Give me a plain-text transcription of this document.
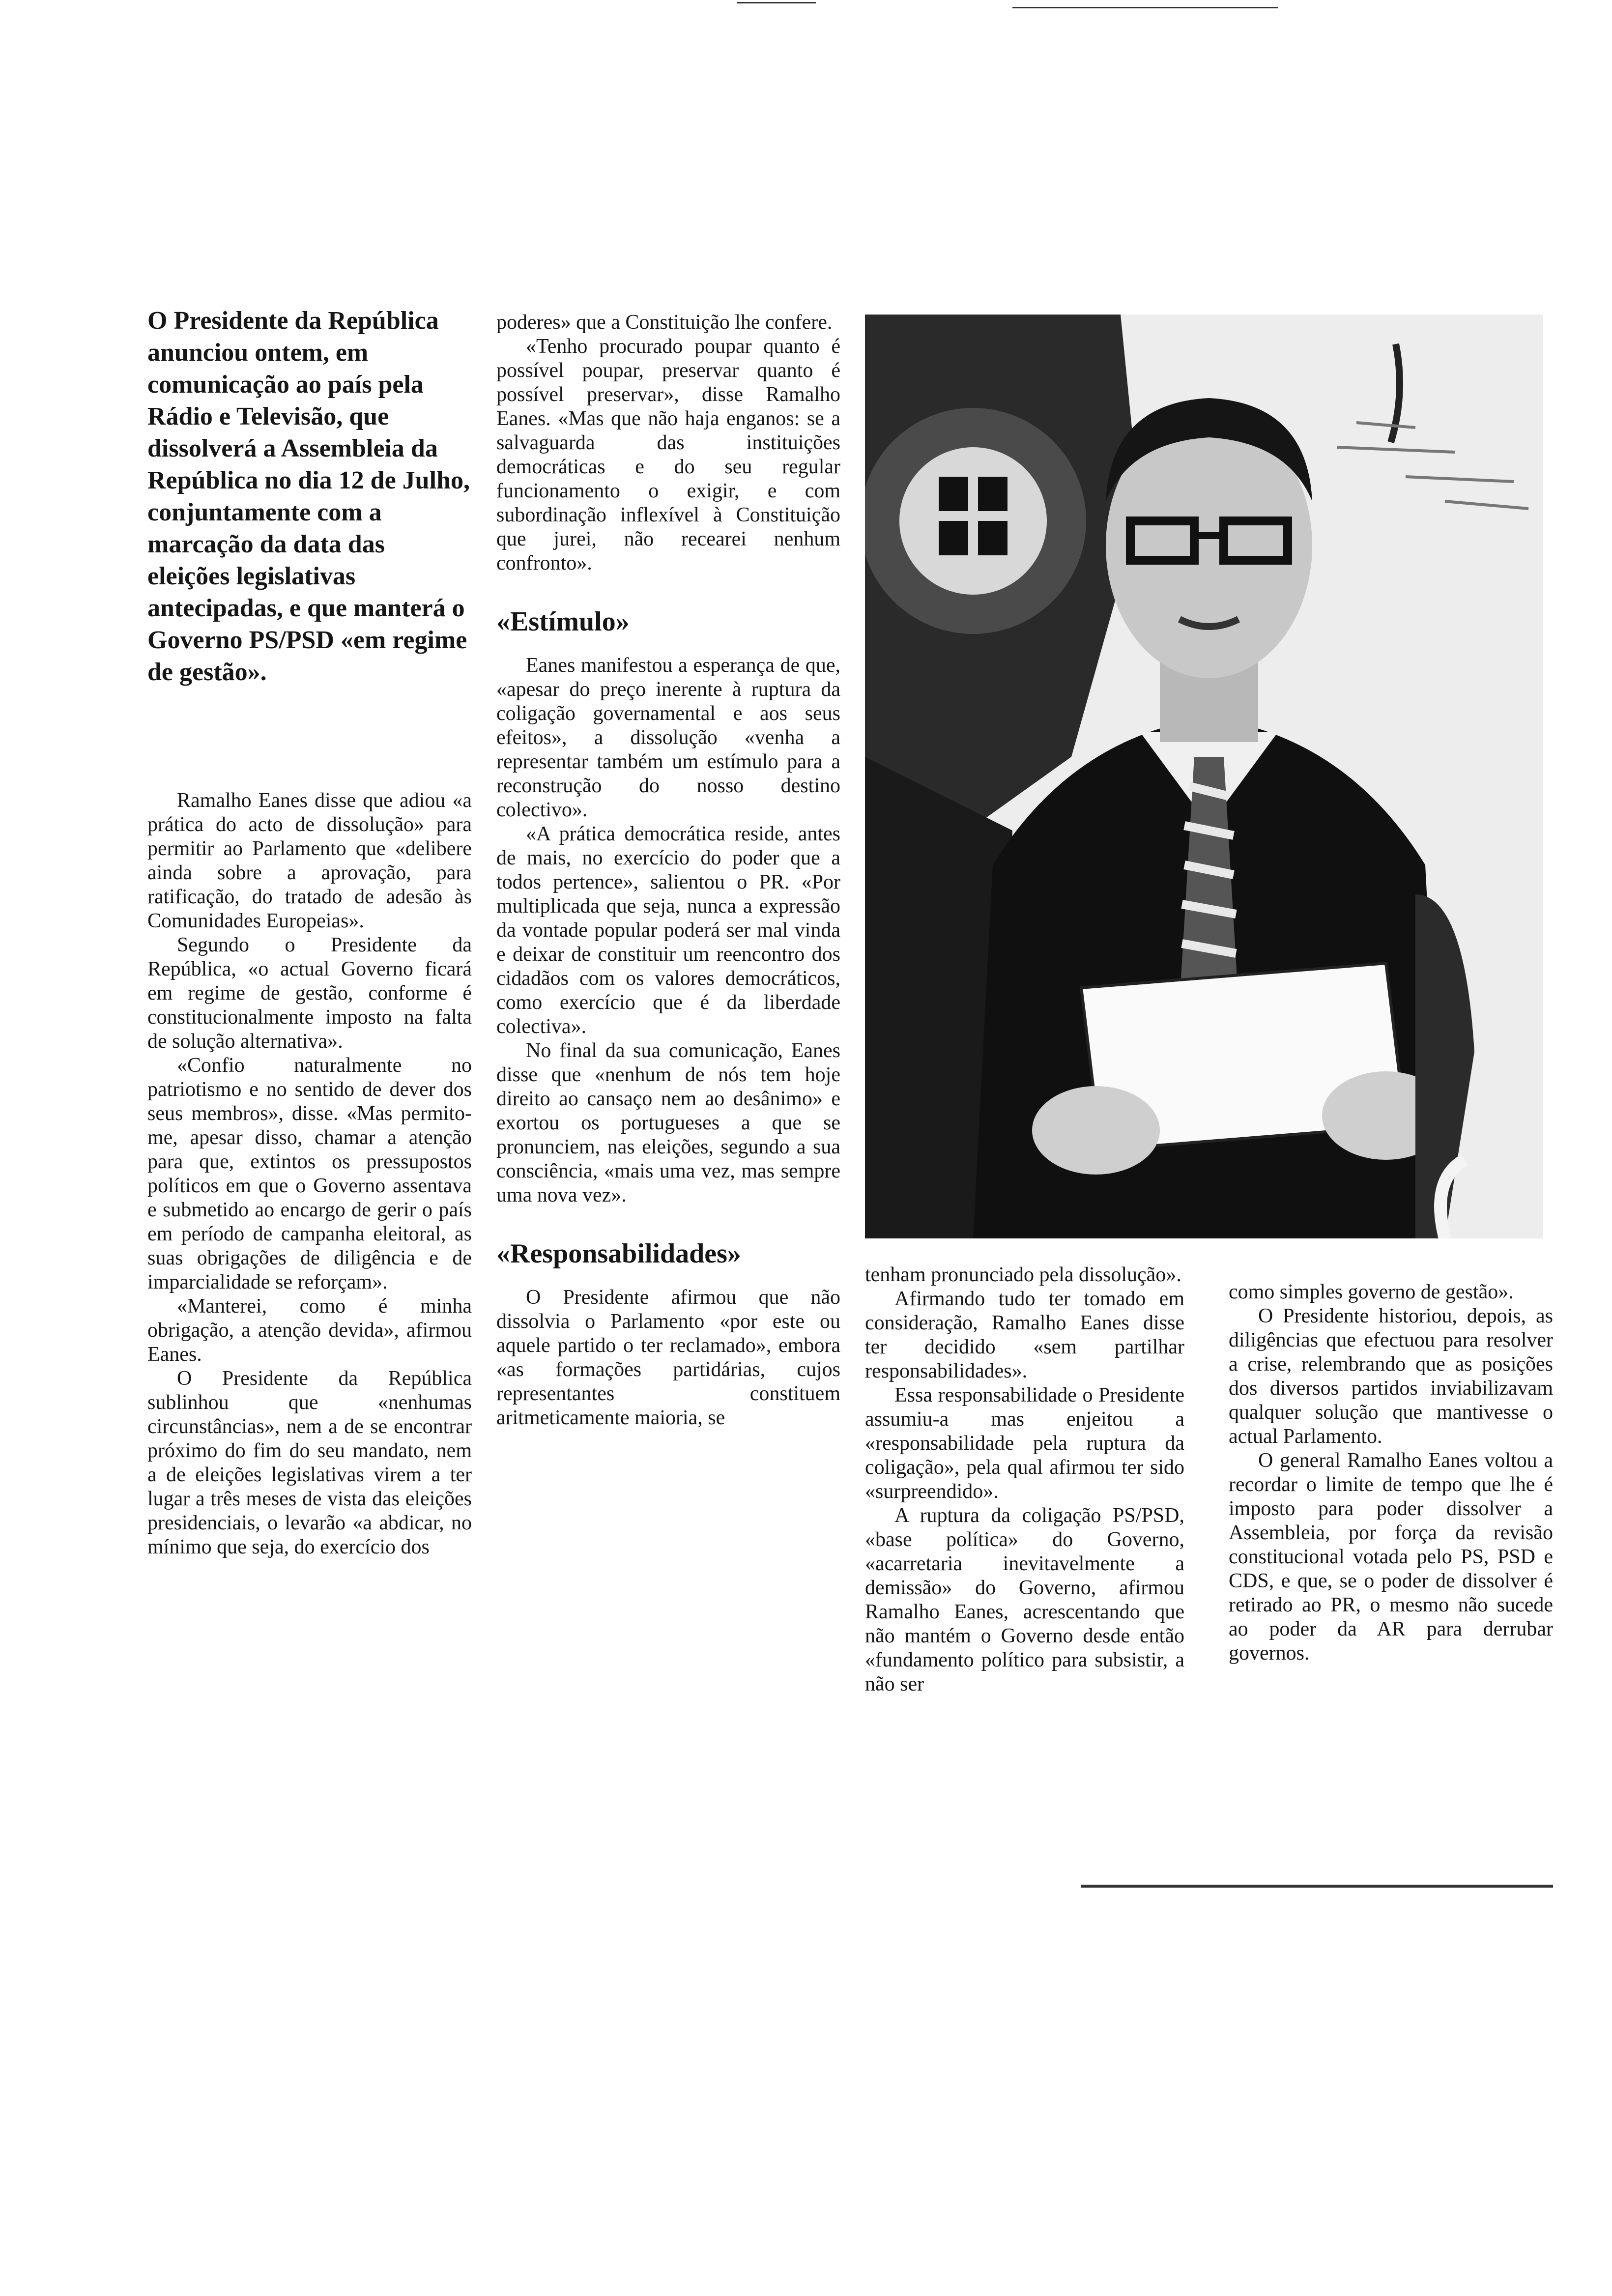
O Presidente da República anunciou ontem, em comunicação ao país pela Rádio e Televisão, que dissolverá a Assembleia da República no dia 12 de Julho, conjuntamente com a marcação da data das eleições legislativas antecipadas, e que manterá o Governo PS/PSD «em regime de gestão».

Ramalho Eanes disse que adiou «a prática do acto de dissolução» para permitir ao Parlamento que «delibere ainda sobre a aprovação, para ratificação, do tratado de adesão às Comunidades Europeias».

Segundo o Presidente da República, «o actual Governo ficará em regime de gestão, conforme é constitucionalmente imposto na falta de solução alternativa».

«Confio naturalmente no patriotismo e no sentido de dever dos seus membros», disse. «Mas permito-me, apesar disso, chamar a atenção para que, extintos os pressupostos políticos em que o Governo assentava e submetido ao encargo de gerir o país em período de campanha eleitoral, as suas obrigações de diligência e de imparcialidade se reforçam».

«Manterei, como é minha obrigação, a atenção devida», afirmou Eanes.

O Presidente da República sublinhou que «nenhumas circunstâncias», nem a de se encontrar próximo do fim do seu mandato, nem a de eleições legislativas virem a ter lugar a três meses de vista das eleições presidenciais, o levarão «a abdicar, no mínimo que seja, do exercício dos

poderes» que a Constituição lhe confere.

«Tenho procurado poupar quanto é possível poupar, preservar quanto é possível preservar», disse Ramalho Eanes. «Mas que não haja enganos: se a salvaguarda das instituições democráticas e do seu regular funcionamento o exigir, e com subordinação inflexível à Constituição que jurei, não recearei nenhum confronto».

«Estímulo»

Eanes manifestou a esperança de que, «apesar do preço inerente à ruptura da coligação governamental e aos seus efeitos», a dissolução «venha a representar também um estímulo para a reconstrução do nosso destino colectivo».

«A prática democrática reside, antes de mais, no exercício do poder que a todos pertence», salientou o PR. «Por multiplicada que seja, nunca a expressão da vontade popular poderá ser mal vinda e deixar de constituir um reencontro dos cidadãos com os valores democráticos, como exercício que é da liberdade colectiva».

No final da sua comunicação, Eanes disse que «nenhum de nós tem hoje direito ao cansaço nem ao desânimo» e exortou os portugueses a que se pronunciem, nas eleições, segundo a sua consciência, «mais uma vez, mas sempre uma nova vez».

«Responsabilidades»

O Presidente afirmou que não dissolvia o Parlamento «por este ou aquele partido o ter reclamado», embora «as formações partidárias, cujos representantes constituem aritmeticamente maioria, se

tenham pronunciado pela dissolução».

Afirmando tudo ter tomado em consideração, Ramalho Eanes disse ter decidido «sem partilhar responsabilidades».

Essa responsabilidade o Presidente assumiu-a mas enjeitou a «responsabilidade pela ruptura da coligação», pela qual afirmou ter sido «surpreendido».

A ruptura da coligação PS/PSD, «base política» do Governo, «acarretaria inevitavelmente a demissão» do Governo, afirmou Ramalho Eanes, acrescentando que não mantém o Governo desde então «fundamento político para subsistir, a não ser

como simples governo de gestão».

O Presidente historiou, depois, as diligências que efectuou para resolver a crise, relembrando que as posições dos diversos partidos inviabilizavam qualquer solução que mantivesse o actual Parlamento.

O general Ramalho Eanes voltou a recordar o limite de tempo que lhe é imposto para poder dissolver a Assembleia, por força da revisão constitucional votada pelo PS, PSD e CDS, e que, se o poder de dissolver é retirado ao PR, o mesmo não sucede ao poder da AR para derrubar governos.
